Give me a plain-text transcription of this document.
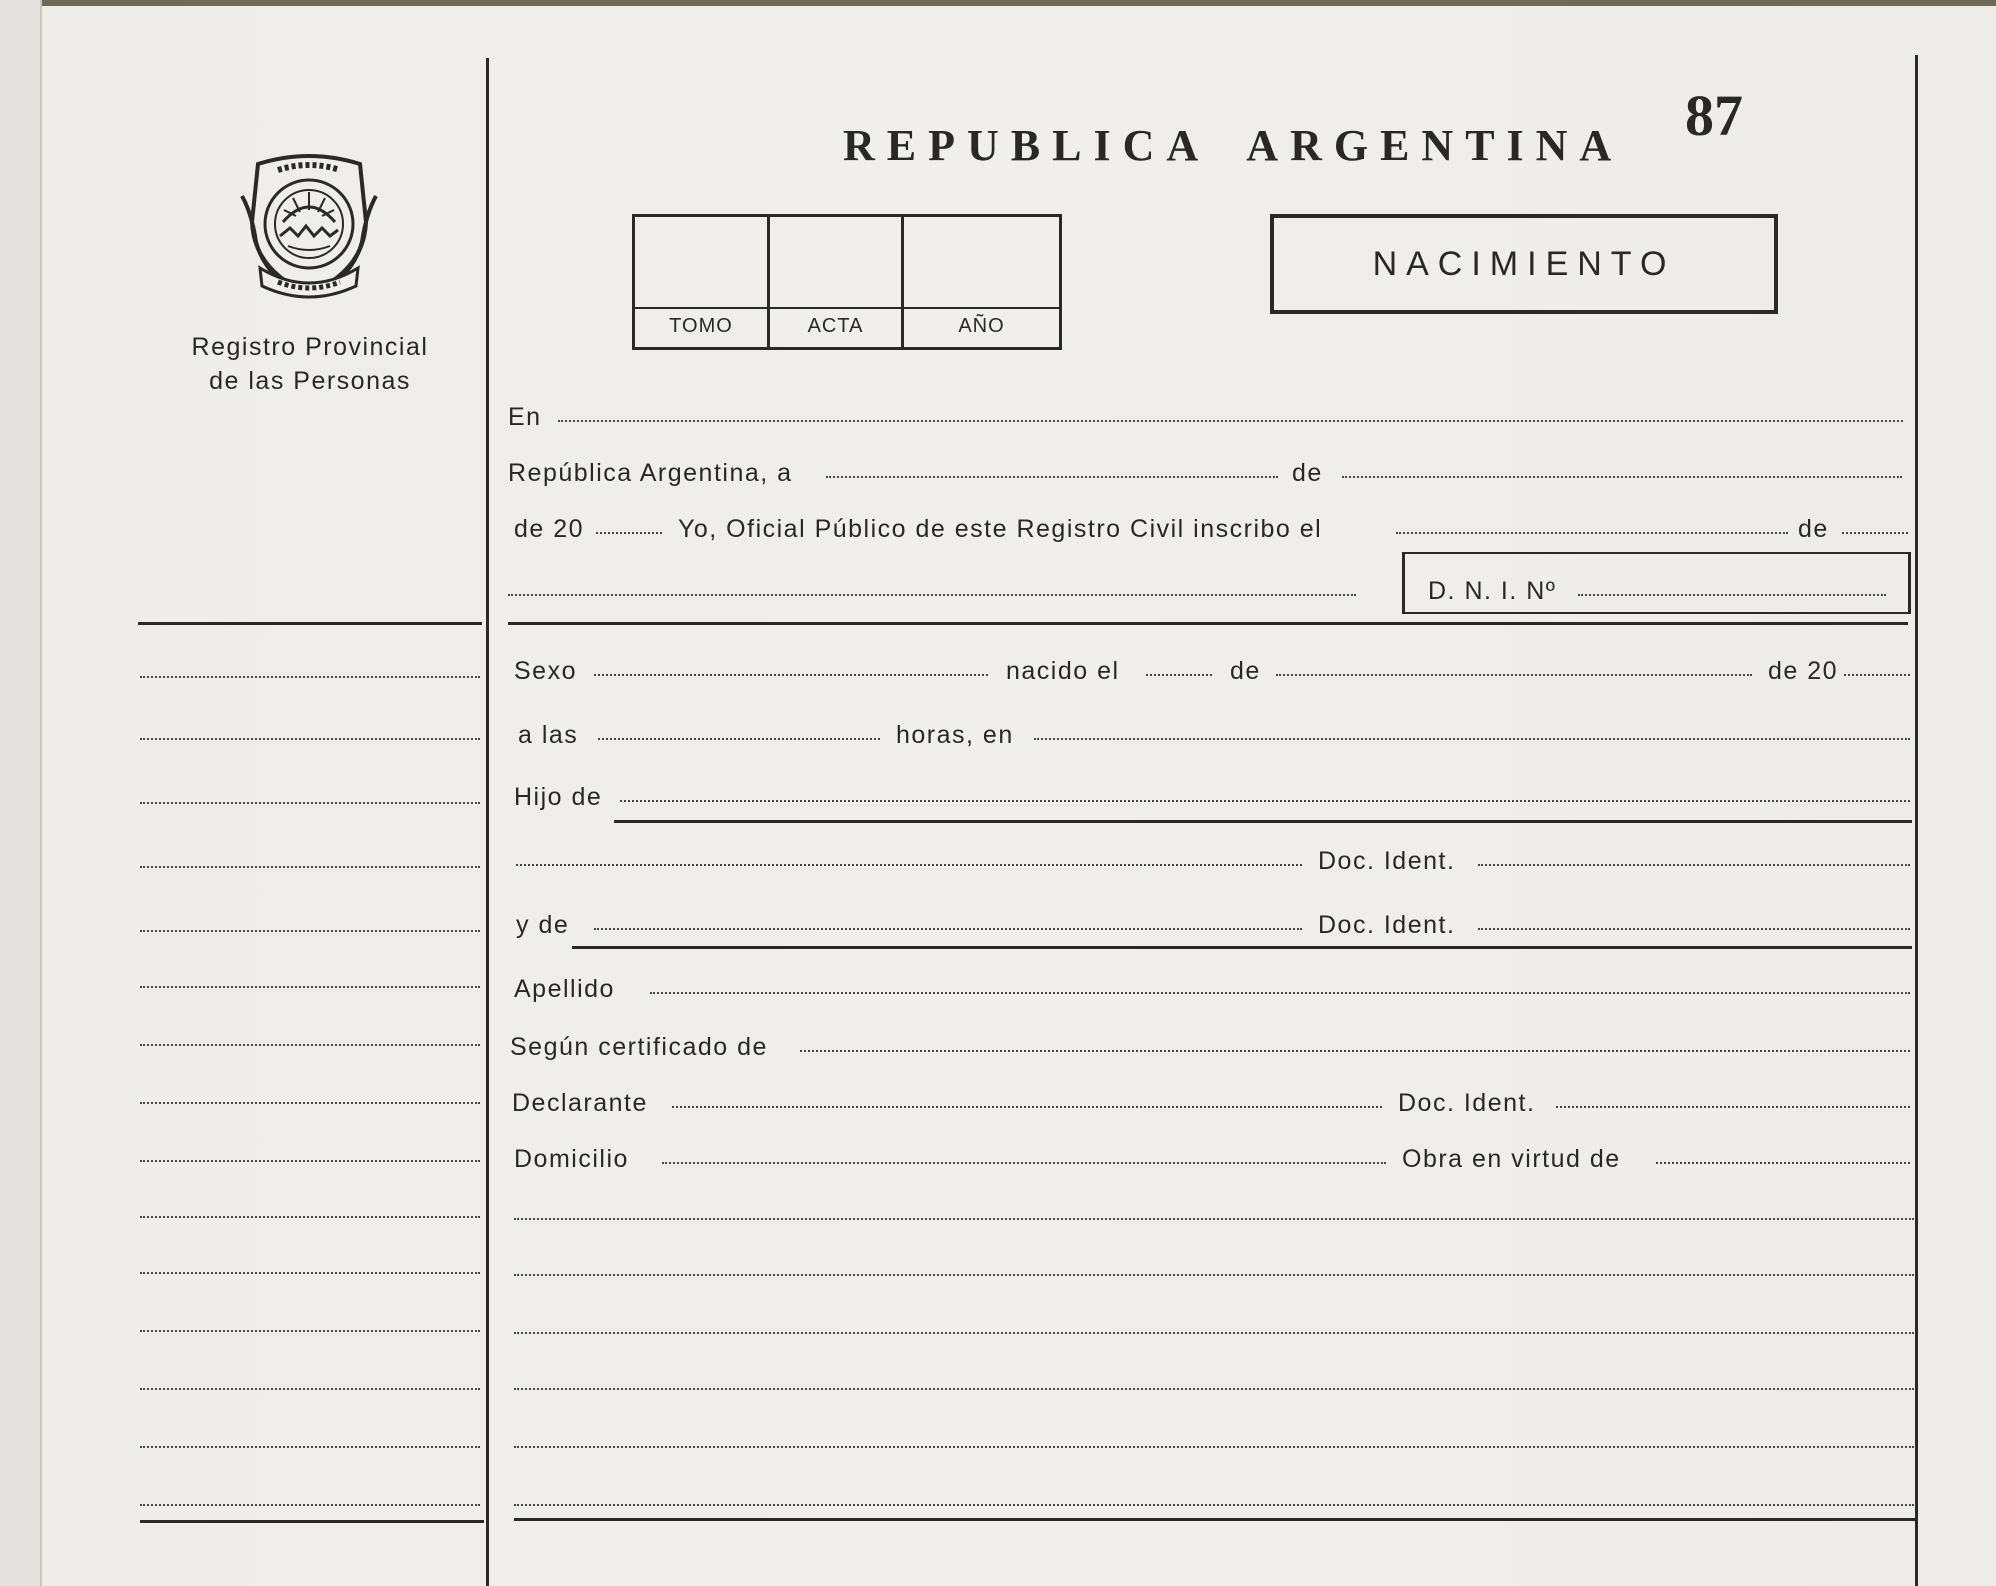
REPUBLICA ARGENTINA 87
Registro Provincial
de las Personas
TOMO	ACTA	AÑO
NACIMIENTO
En
República Argentina, a	de
de 20	Yo, Oficial Público de este Registro Civil inscribo el	de
D. N. I. Nº
Sexo	nacido el	de	de 20
a las	horas, en
Hijo de
Doc. Ident.
y de	Doc. Ident.
Apellido
Según certificado de
Declarante	Doc. Ident.
Domicilio	Obra en virtud de
